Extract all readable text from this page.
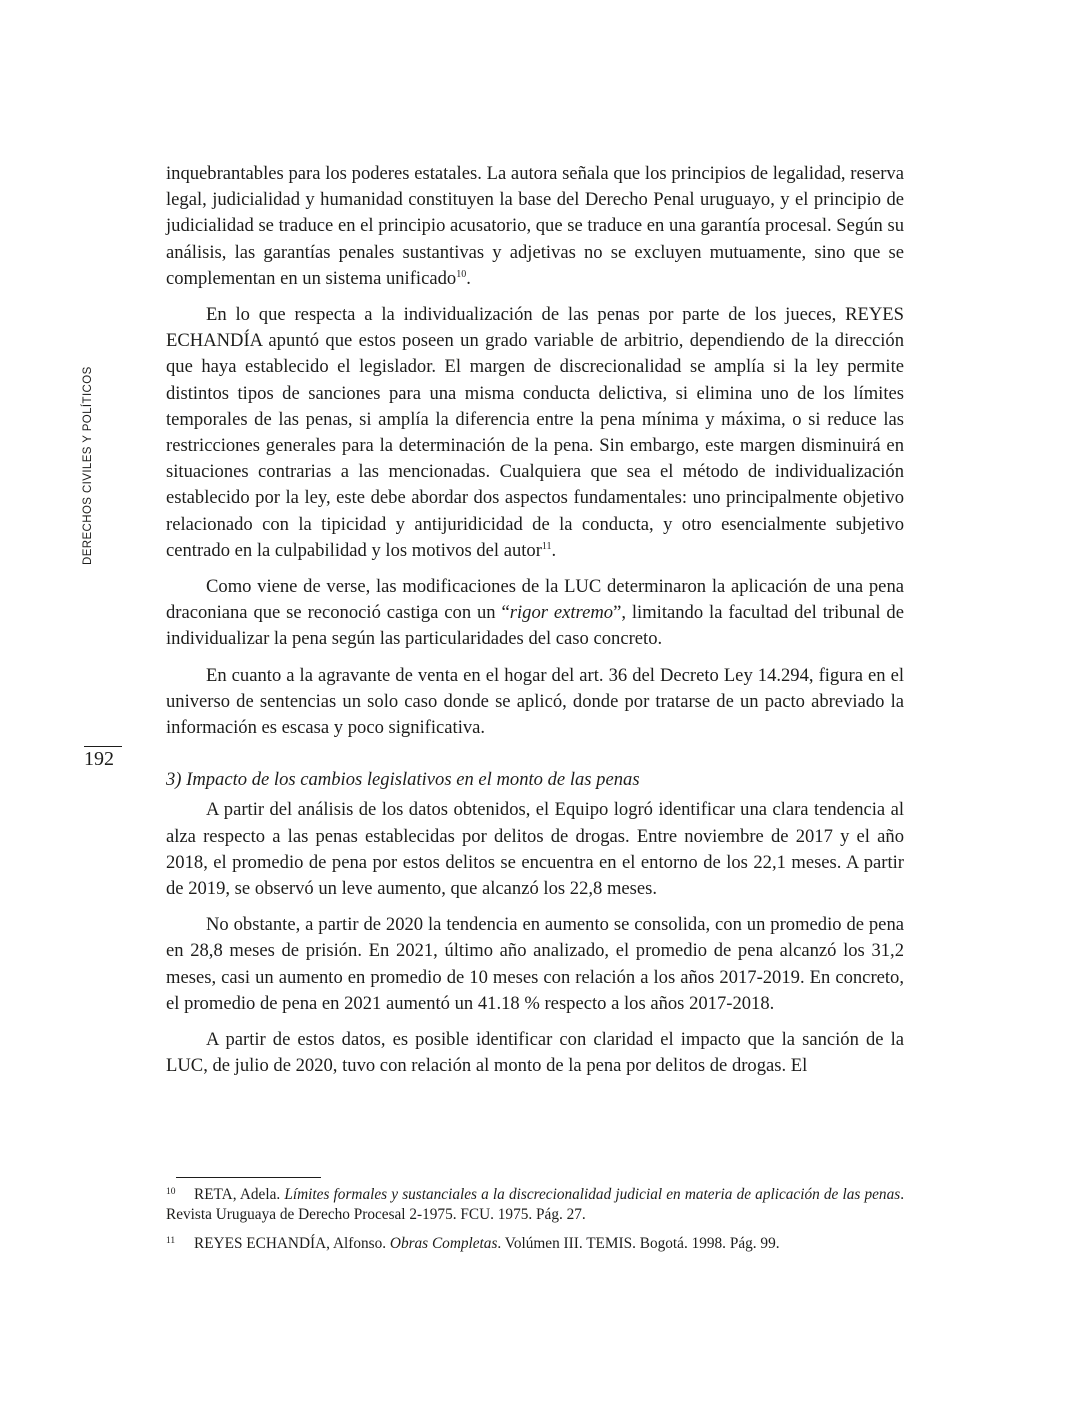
DERECHOS CIVILES Y POLÍTICOS
192

inquebrantables para los poderes estatales. La autora señala que los principios de legalidad, reserva legal, judicialidad y humanidad constituyen la base del Derecho Penal uruguayo, y el principio de judicialidad se traduce en el principio acusatorio, que se traduce en una garantía procesal. Según su análisis, las garantías penales sustantivas y adjetivas no se excluyen mutuamente, sino que se complementan en un sistema unificado$^{10}$.

En lo que respecta a la individualización de las penas por parte de los jueces, REYES ECHANDÍA apuntó que estos poseen un grado variable de arbitrio, dependiendo de la dirección que haya establecido el legislador. El margen de discrecionalidad se amplía si la ley permite distintos tipos de sanciones para una misma conducta delictiva, si elimina uno de los límites temporales de las penas, si amplía la diferencia entre la pena mínima y máxima, o si reduce las restricciones generales para la determinación de la pena. Sin embargo, este margen disminuirá en situaciones contrarias a las mencionadas. Cualquiera que sea el método de individualización establecido por la ley, este debe abordar dos aspectos fundamentales: uno principalmente objetivo relacionado con la tipicidad y antijuridicidad de la conducta, y otro esencialmente subjetivo centrado en la culpabilidad y los motivos del autor$^{11}$.

Como viene de verse, las modificaciones de la LUC determinaron la aplicación de una pena draconiana que se reconoció castiga con un “rigor extremo”, limitando la facultad del tribunal de individualizar la pena según las particularidades del caso concreto.

En cuanto a la agravante de venta en el hogar del art. 36 del Decreto Ley 14.294, figura en el universo de sentencias un solo caso donde se aplicó, donde por tratarse de un pacto abreviado la información es escasa y poco significativa.

3) Impacto de los cambios legislativos en el monto de las penas

A partir del análisis de los datos obtenidos, el Equipo logró identificar una clara tendencia al alza respecto a las penas establecidas por delitos de drogas. Entre noviembre de 2017 y el año 2018, el promedio de pena por estos delitos se encuentra en el entorno de los 22,1 meses. A partir de 2019, se observó un leve aumento, que alcanzó los 22,8 meses.

No obstante, a partir de 2020 la tendencia en aumento se consolida, con un promedio de pena en 28,8 meses de prisión. En 2021, último año analizado, el promedio de pena alcanzó los 31,2 meses, casi un aumento en promedio de 10 meses con relación a los años 2017-2019. En concreto, el promedio de pena en 2021 aumentó un 41.18 % respecto a los años 2017-2018.

A partir de estos datos, es posible identificar con claridad el impacto que la sanción de la LUC, de julio de 2020, tuvo con relación al monto de la pena por delitos de drogas. El

10 RETA, Adela. Límites formales y sustanciales a la discrecionalidad judicial en materia de aplicación de las penas. Revista Uruguaya de Derecho Procesal 2-1975. FCU. 1975. Pág. 27.

11 REYES ECHANDÍA, Alfonso. Obras Completas. Volúmen III. TEMIS. Bogotá. 1998. Pág. 99.
